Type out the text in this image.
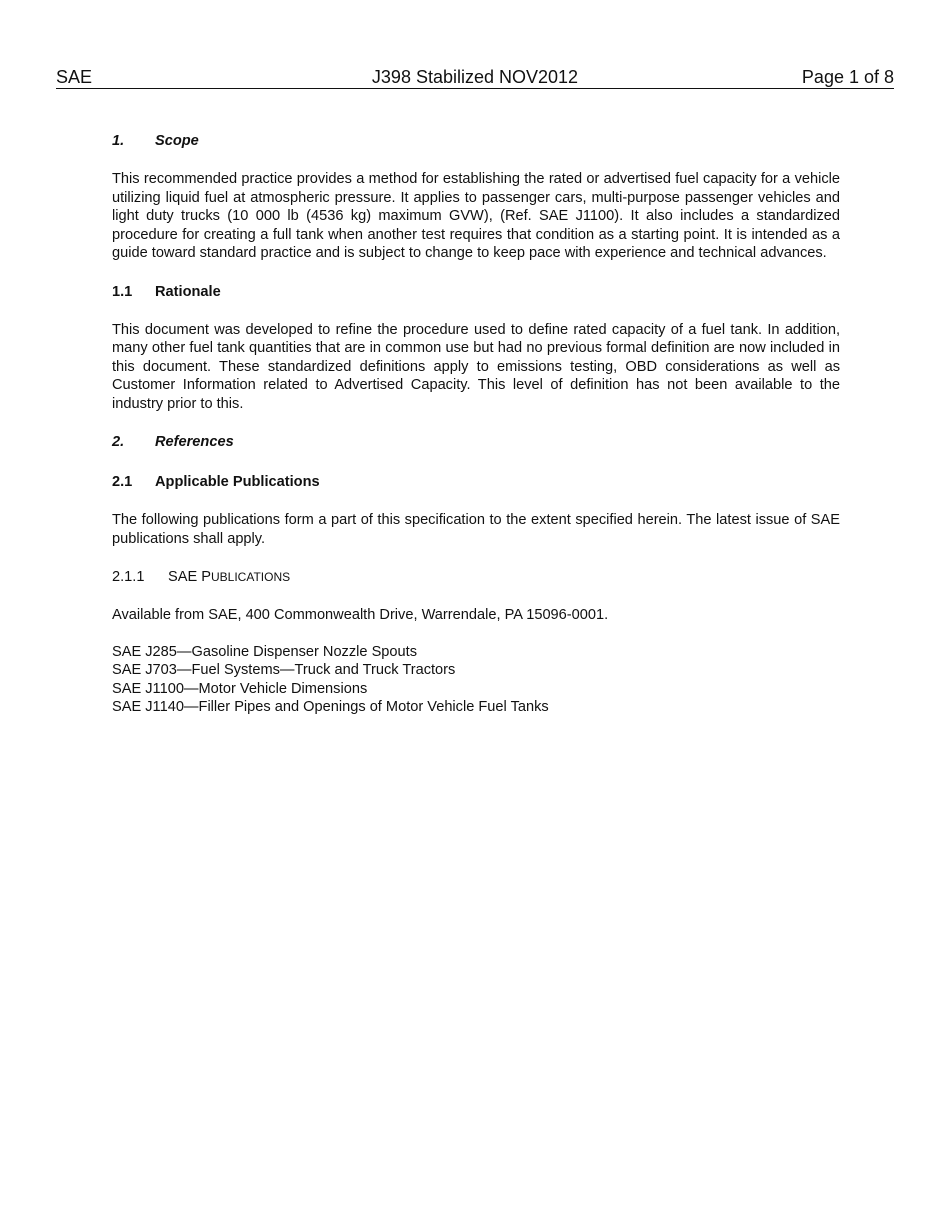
SAE	J398 Stabilized NOV2012	Page 1 of 8
1. Scope

This recommended practice provides a method for establishing the rated or advertised fuel capacity for a vehicle utilizing liquid fuel at atmospheric pressure. It applies to passenger cars, multi-purpose passenger vehicles and light duty trucks (10 000 lb (4536 kg) maximum GVW), (Ref. SAE J1100). It also includes a standardized procedure for creating a full tank when another test requires that condition as a starting point. It is intended as a guide toward standard practice and is subject to change to keep pace with experience and technical advances.

1.1 Rationale

This document was developed to refine the procedure used to define rated capacity of a fuel tank. In addition, many other fuel tank quantities that are in common use but had no previous formal definition are now included in this document. These standardized definitions apply to emissions testing, OBD considerations as well as Customer Information related to Advertised Capacity. This level of definition has not been available to the industry prior to this.

2. References
2.1 Applicable Publications

The following publications form a part of this specification to the extent specified herein. The latest issue of SAE publications shall apply.

2.1.1 SAE PUBLICATIONS

Available from SAE, 400 Commonwealth Drive, Warrendale, PA 15096-0001.

SAE J285—Gasoline Dispenser Nozzle Spouts
SAE J703—Fuel Systems—Truck and Truck Tractors
SAE J1100—Motor Vehicle Dimensions
SAE J1140—Filler Pipes and Openings of Motor Vehicle Fuel Tanks
